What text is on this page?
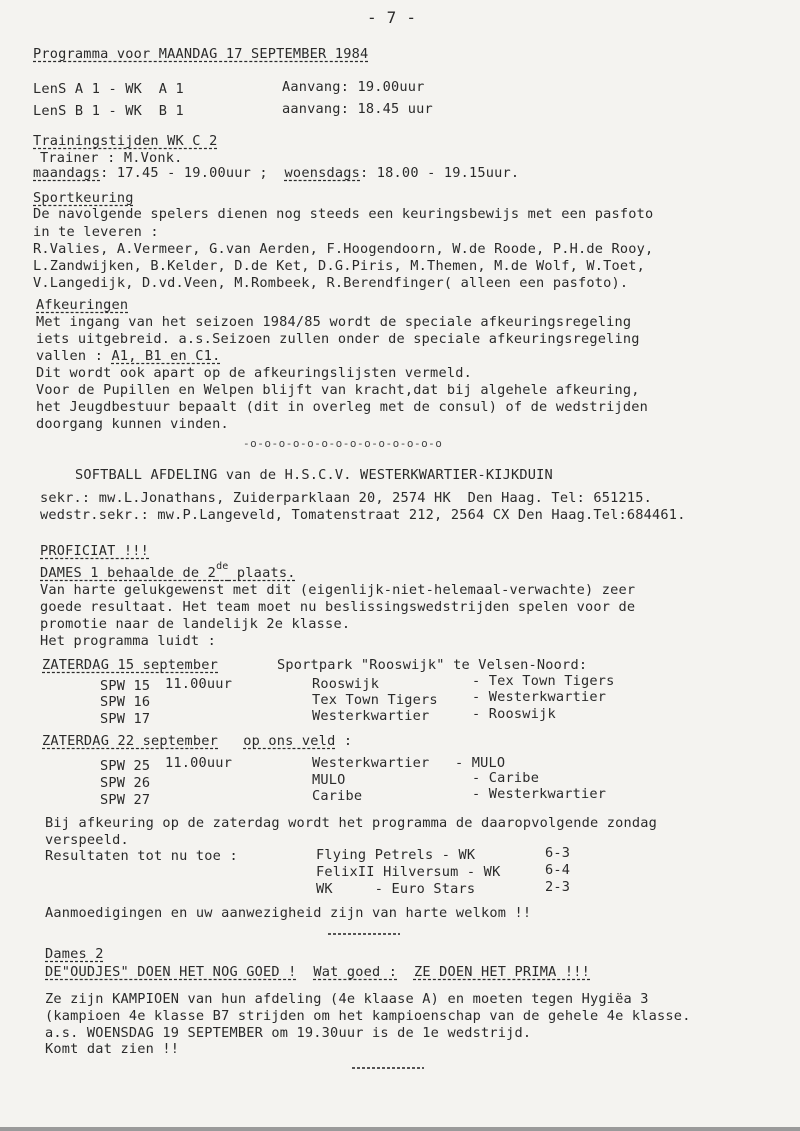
- 7 -
Programma voor MAANDAG 17 SEPTEMBER 1984
LenS A 1 - WK  A 1	Aanvang: 19.00uur
LenS B 1 - WK  B 1	aanvang: 18.45 uur
Trainingstijden WK C 2
Trainer : M.Vonk.
maandags: 17.45 - 19.00uur ; woensdags: 18.00 - 19.15uur.
Sportkeuring
De navolgende spelers dienen nog steeds een keuringsbewijs met een pasfoto
in te leveren :
R.Valies, A.Vermeer, G.van Aerden, F.Hoogendoorn, W.de Roode, P.H.de Rooy,
L.Zandwijken, B.Kelder, D.de Ket, D.G.Piris, M.Themen, M.de Wolf, W.Toet,
V.Langedijk, D.vd.Veen, M.Rombeek, R.Berendfinger( alleen een pasfoto).
Afkeuringen
Met ingang van het seizoen 1984/85 wordt de speciale afkeuringsregeling
iets uitgebreid. a.s.Seizoen zullen onder de speciale afkeuringsregeling
vallen : A1, B1 en C1.
Dit wordt ook apart op de afkeuringslijsten vermeld.
Voor de Pupillen en Welpen blijft van kracht,dat bij algehele afkeuring,
het Jeugdbestuur bepaalt (dit in overleg met de consul) of de wedstrijden
doorgang kunnen vinden.
-o-o-o-o-o-o-o-o-o-o-o-o-o-o
SOFTBALL AFDELING van de H.S.C.V. WESTERKWARTIER-KIJKDUIN
sekr.: mw.L.Jonathans, Zuiderparklaan 20, 2574 HK  Den Haag. Tel: 651215.
wedstr.sekr.: mw.P.Langeveld, Tomatenstraat 212, 2564 CX Den Haag.Tel:684461.
PROFICIAT !!!
DAMES 1 behaalde de 2de plaats.
Van harte gelukgewenst met dit (eigenlijk-niet-helemaal-verwachte) zeer
goede resultaat. Het team moet nu beslissingswedstrijden spelen voor de
promotie naar de landelijk 2e klasse.
Het programma luidt :
ZATERDAG 15 september	Sportpark "Rooswijk" te Velsen-Noord:
SPW 15 11.00uur	Rooswijk	- Tex Town Tigers
SPW 16	Tex Town Tigers	- Westerkwartier
SPW 17	Westerkwartier	- Rooswijk
ZATERDAG 22 september op ons veld :
SPW 25 11.00uur	Westerkwartier - MULO
SPW 26	MULO	- Caribe
SPW 27	Caribe	- Westerkwartier
Bij afkeuring op de zaterdag wordt het programma de daaropvolgende zondag
verspeeld.
Resultaten tot nu toe :	Flying Petrels - WK	6-3
FelixII Hilversum - WK	6-4
WK     - Euro Stars	2-3
Aanmoedigingen en uw aanwezigheid zijn van harte welkom !!
Dames 2
DE"OUDJES" DOEN HET NOG GOED ! Wat goed : ZE DOEN HET PRIMA !!!
Ze zijn KAMPIOEN van hun afdeling (4e klaase A) en moeten tegen Hygiëa 3
(kampioen 4e klasse B7 strijden om het kampioenschap van de gehele 4e klasse.
a.s. WOENSDAG 19 SEPTEMBER om 19.30uur is de 1e wedstrijd.
Komt dat zien !!
